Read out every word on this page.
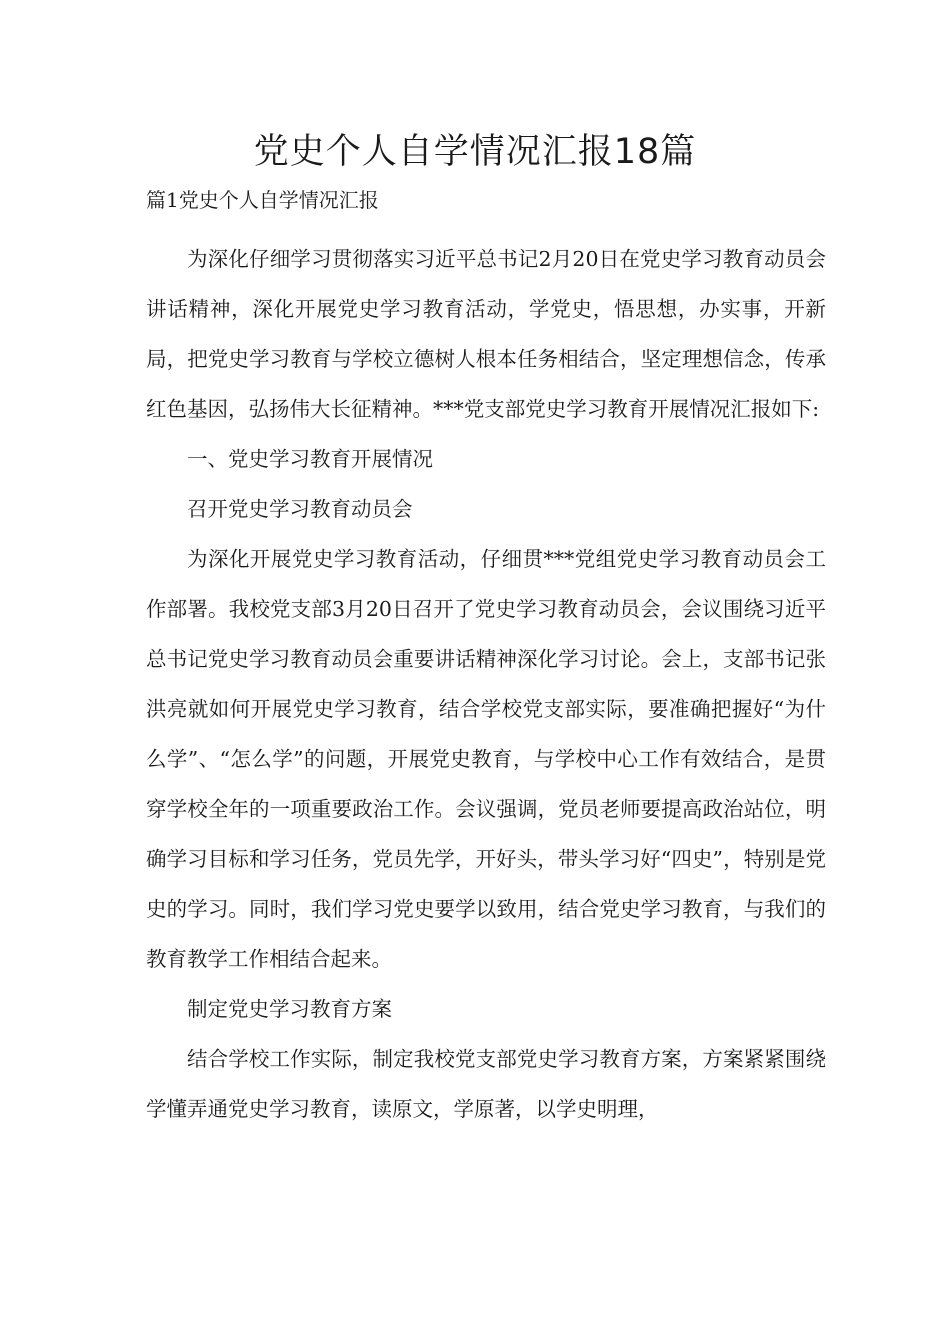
党史个人自学情况汇报18篇
篇1党史个人自学情况汇报

为深化仔细学习贯彻落实习近平总书记2月20日在党史学习教育动员会讲话精神，深化开展党史学习教育活动，学党史，悟思想，办实事，开新局，把党史学习教育与学校立德树人根本任务相结合，坚定理想信念，传承红色基因，弘扬伟大长征精神。***党支部党史学习教育开展情况汇报如下:

一、党史学习教育开展情况

召开党史学习教育动员会

为深化开展党史学习教育活动，仔细贯***党组党史学习教育动员会工作部署。我校党支部3月20日召开了党史学习教育动员会，会议围绕习近平总书记党史学习教育动员会重要讲话精神深化学习讨论。会上，支部书记张洪亮就如何开展党史学习教育，结合学校党支部实际，要准确把握好“为什么学”、“怎么学”的问题，开展党史教育，与学校中心工作有效结合，是贯穿学校全年的一项重要政治工作。会议强调，党员老师要提高政治站位，明确学习目标和学习任务，党员先学，开好头，带头学习好“四史”，特别是党史的学习。同时，我们学习党史要学以致用，结合党史学习教育，与我们的教育教学工作相结合起来。

制定党史学习教育方案

结合学校工作实际，制定我校党支部党史学习教育方案，方案紧紧围绕学懂弄通党史学习教育，读原文，学原著，以学史明理，
